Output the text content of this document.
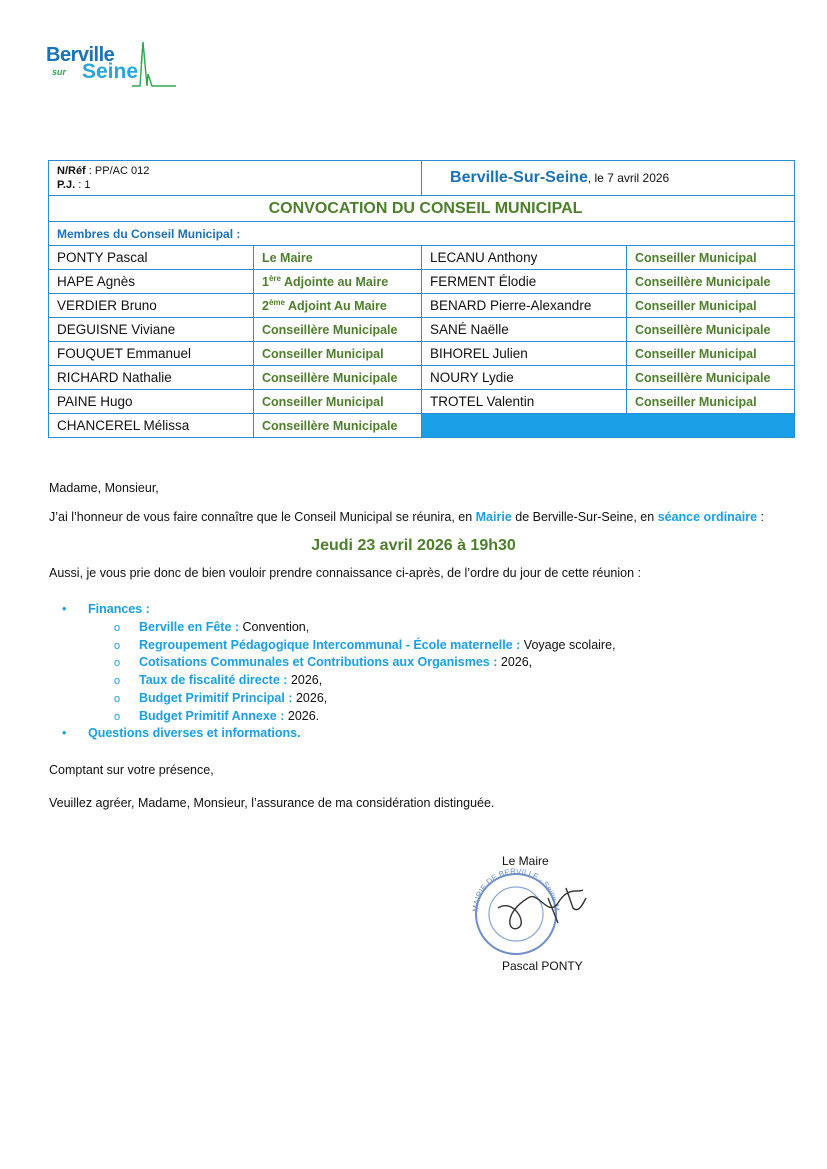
Berville
sur Seine
N/Réf : PP/AC 012
P.J. : 1		Berville-Sur-Seine, le 7 avril 2026	
CONVOCATION DU CONSEIL MUNICIPAL			
Membres du Conseil Municipal :			
PONTY Pascal	Le Maire	LECANU Anthony	Conseiller Municipal
HAPE Agnès	1ère Adjointe au Maire	FERMENT Élodie	Conseillère Municipale
VERDIER Bruno	2ème Adjoint Au Maire	BENARD Pierre-Alexandre	Conseiller Municipal
DEGUISNE Viviane	Conseillère Municipale	SANÉ Naëlle	Conseillère Municipale
FOUQUET Emmanuel	Conseiller Municipal	BIHOREL Julien	Conseiller Municipal
RICHARD Nathalie	Conseillère Municipale	NOURY Lydie	Conseillère Municipale
PAINE Hugo	Conseiller Municipal	TROTEL Valentin	Conseiller Municipal
CHANCEREL Mélissa	Conseillère Municipale		
Madame, Monsieur,
J’ai l’honneur de vous faire connaître que le Conseil Municipal se réunira, en Mairie de Berville-Sur-Seine, en séance ordinaire :
Jeudi 23 avril 2026 à 19h30
Aussi, je vous prie donc de bien vouloir prendre connaissance ci-après, de l’ordre du jour de cette réunion :
• Finances :
o Berville en Fête : Convention,
o Regroupement Pédagogique Intercommunal - École maternelle : Voyage scolaire,
o Cotisations Communales et Contributions aux Organismes : 2026,
o Taux de fiscalité directe : 2026,
o Budget Primitif Principal : 2026,
o Budget Primitif Annexe : 2026.
• Questions diverses et informations.
Comptant sur votre présence,
Veuillez agréer, Madame, Monsieur, l’assurance de ma considération distinguée.
Le Maire
MAIRIE DE BERVILLE - Seine-M
Pascal PONTY
